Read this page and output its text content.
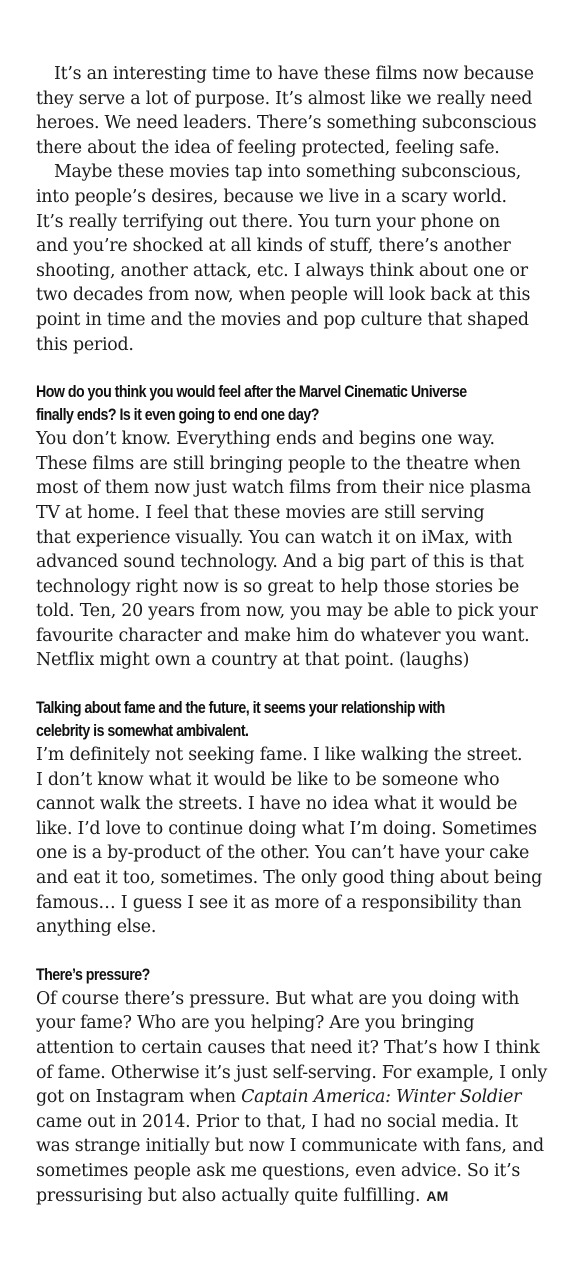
It’s an interesting time to have these films now because
they serve a lot of purpose. It’s almost like we really need
heroes. We need leaders. There’s something subconscious
there about the idea of feeling protected, feeling safe.
Maybe these movies tap into something subconscious,
into people’s desires, because we live in a scary world.
It’s really terrifying out there. You turn your phone on
and you’re shocked at all kinds of stuff, there’s another
shooting, another attack, etc. I always think about one or
two decades from now, when people will look back at this
point in time and the movies and pop culture that shaped
this period.
How do you think you would feel after the Marvel Cinematic Universe
finally ends? Is it even going to end one day?
You don’t know. Everything ends and begins one way.
These films are still bringing people to the theatre when
most of them now just watch films from their nice plasma
TV at home. I feel that these movies are still serving
that experience visually. You can watch it on iMax, with
advanced sound technology. And a big part of this is that
technology right now is so great to help those stories be
told. Ten, 20 years from now, you may be able to pick your
favourite character and make him do whatever you want.
Netflix might own a country at that point. (laughs)
Talking about fame and the future, it seems your relationship with
celebrity is somewhat ambivalent.
I’m definitely not seeking fame. I like walking the street.
I don’t know what it would be like to be someone who
cannot walk the streets. I have no idea what it would be
like. I’d love to continue doing what I’m doing. Sometimes
one is a by-product of the other. You can’t have your cake
and eat it too, sometimes. The only good thing about being
famous… I guess I see it as more of a responsibility than
anything else.
There’s pressure?
Of course there’s pressure. But what are you doing with
your fame? Who are you helping? Are you bringing
attention to certain causes that need it? That’s how I think
of fame. Otherwise it’s just self-serving. For example, I only
got on Instagram when Captain America: Winter Soldier
came out in 2014. Prior to that, I had no social media. It
was strange initially but now I communicate with fans, and
sometimes people ask me questions, even advice. So it’s
pressurising but also actually quite fulfilling. AM
